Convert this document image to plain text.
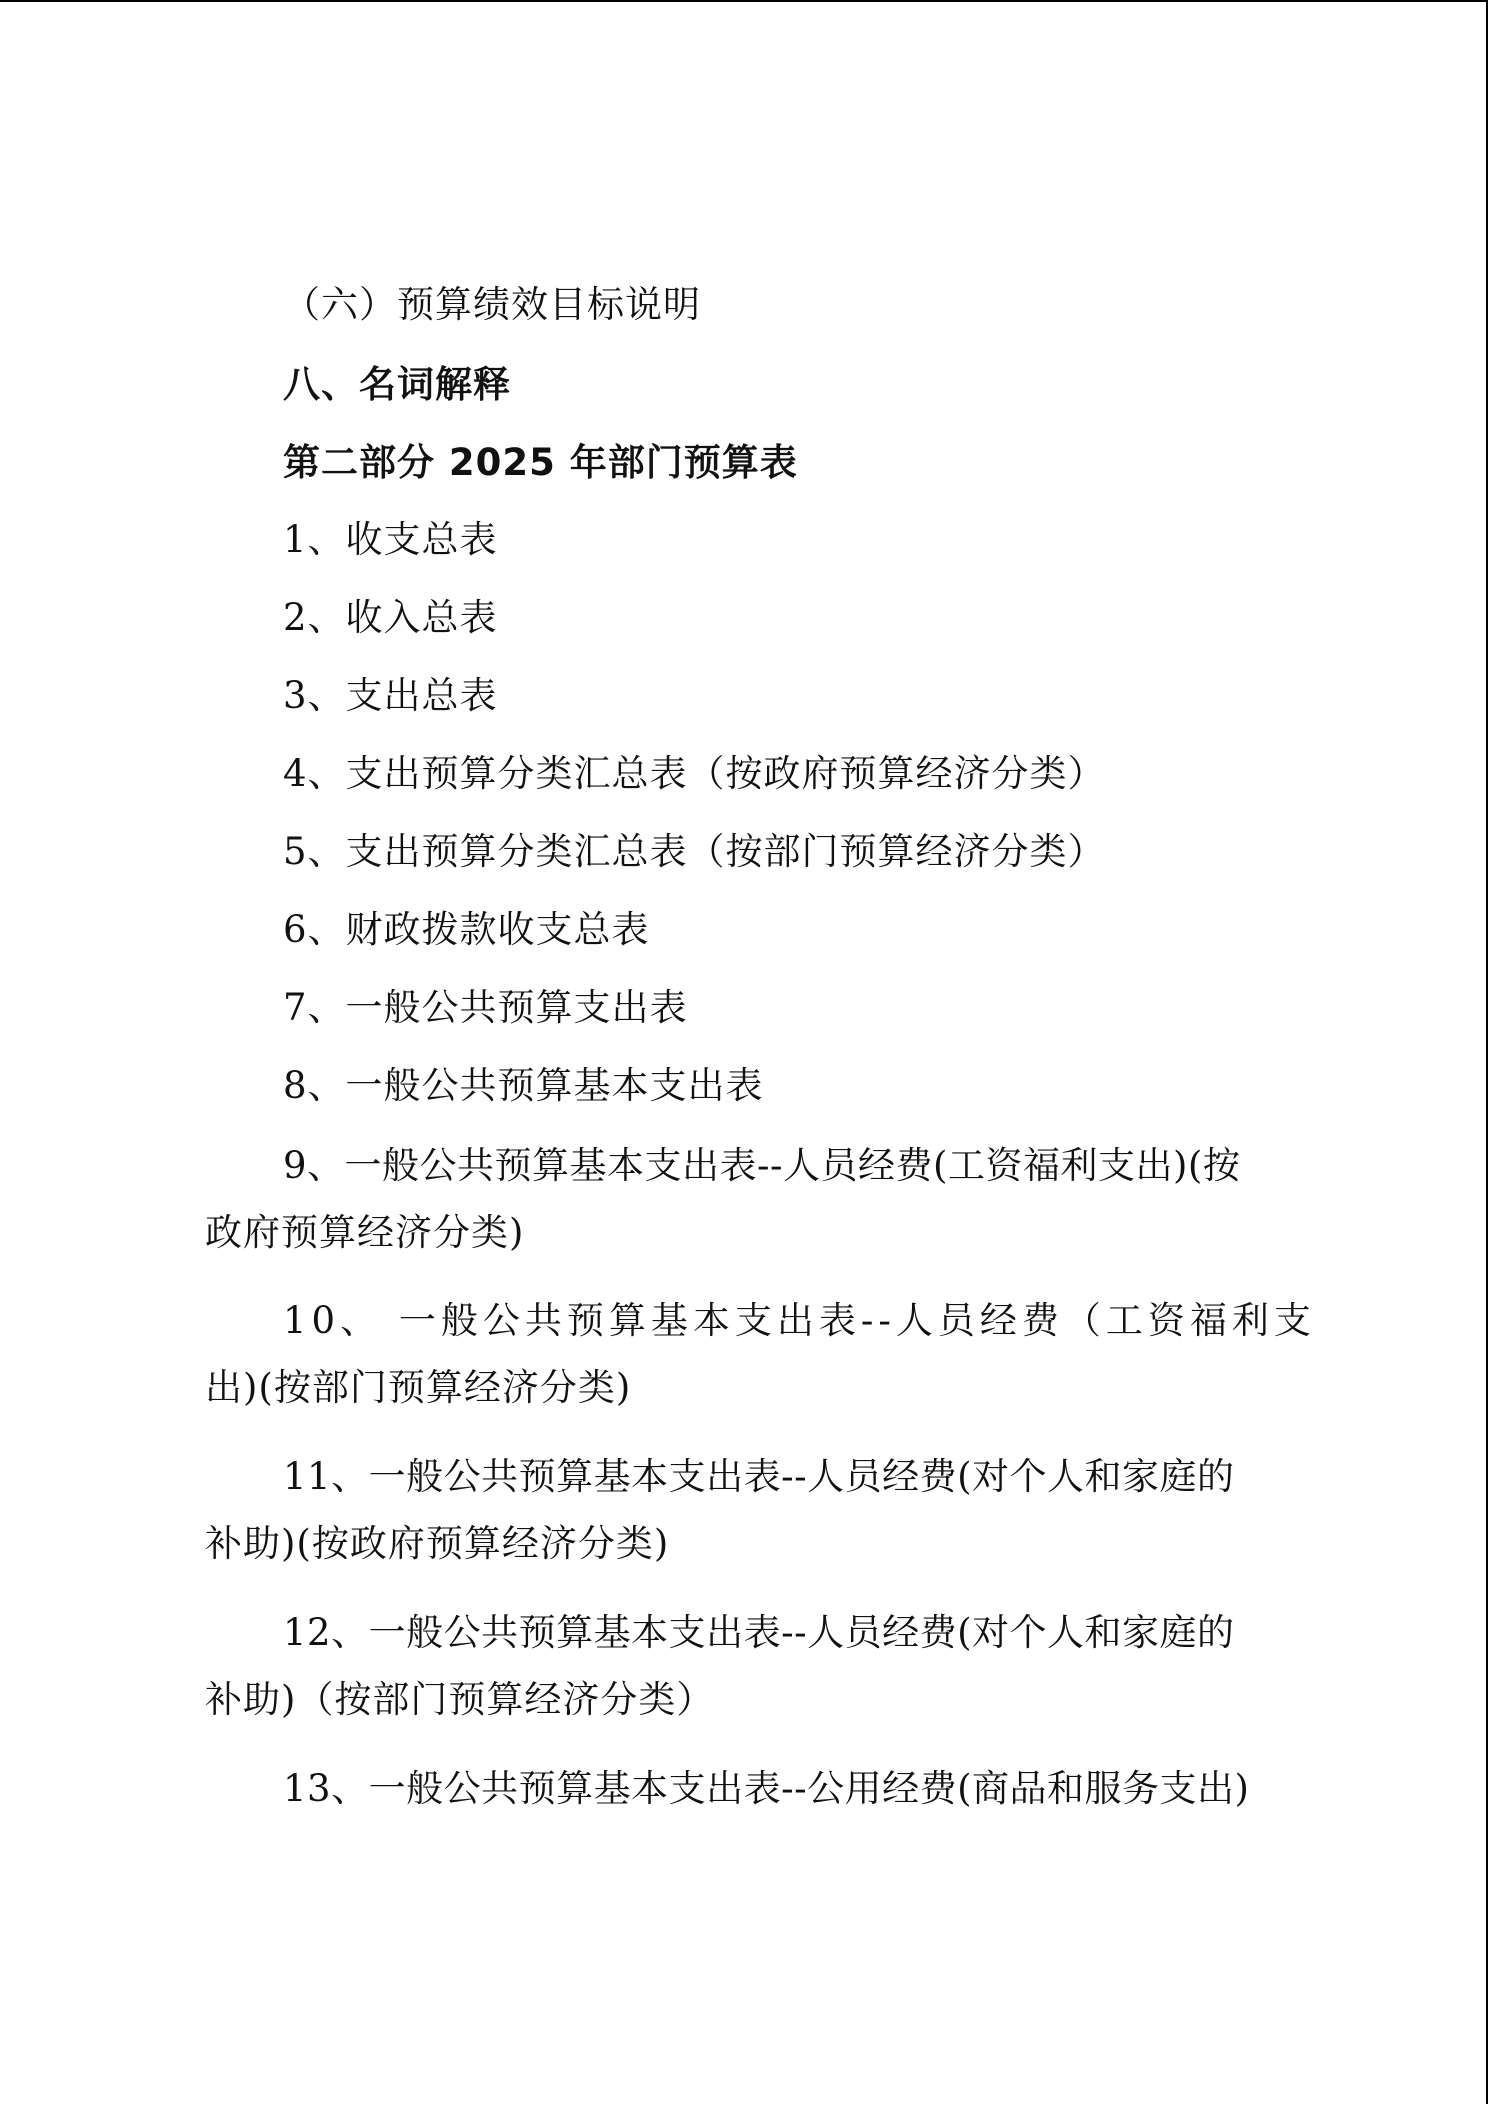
（六）预算绩效目标说明
八、名词解释
第二部分 2025 年部门预算表
1、收支总表
2、收入总表
3、支出总表
4、支出预算分类汇总表（按政府预算经济分类）
5、支出预算分类汇总表（按部门预算经济分类）
6、财政拨款收支总表
7、一般公共预算支出表
8、一般公共预算基本支出表
9、一般公共预算基本支出表--人员经费(工资福利支出)(按
政府预算经济分类)
10、 一般公共预算基本支出表--人员经费（工资福利支
出)(按部门预算经济分类)
11、一般公共预算基本支出表--人员经费(对个人和家庭的
补助)(按政府预算经济分类)
12、一般公共预算基本支出表--人员经费(对个人和家庭的
补助)（按部门预算经济分类）
13、一般公共预算基本支出表--公用经费(商品和服务支出)
